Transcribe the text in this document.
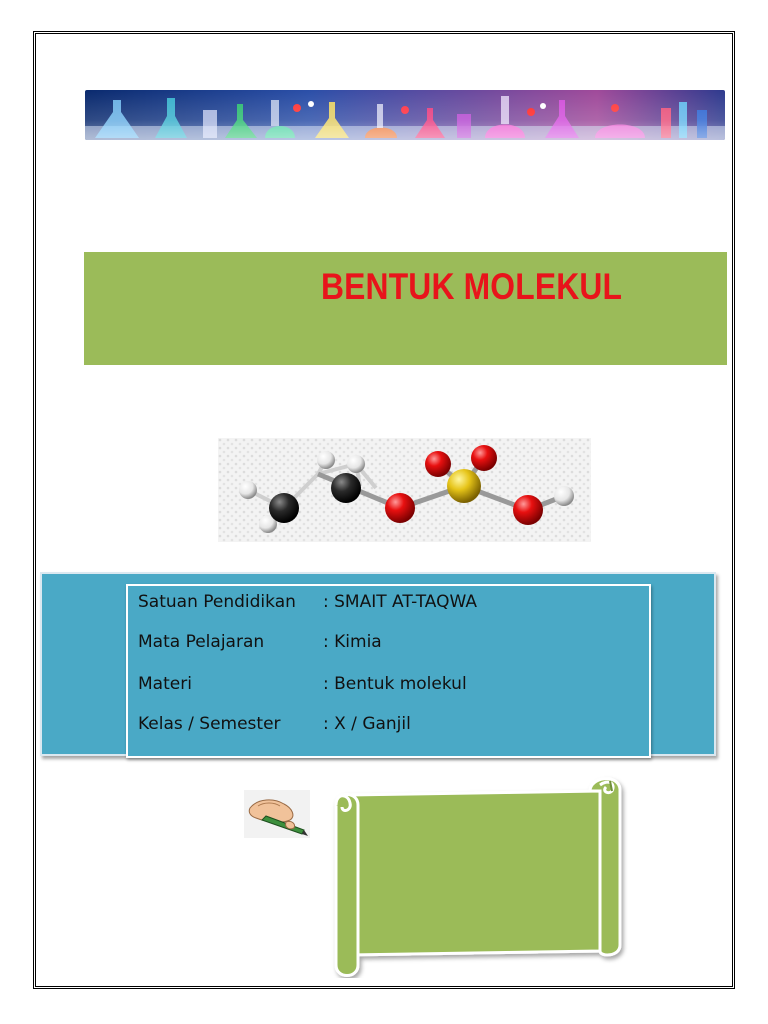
BENTUK MOLEKUL
Satuan Pendidikan : SMAIT AT-TAQWA
Mata Pelajaran	: Kimia
Materi	: Bentuk molekul
Kelas / Semester : X / Ganjil
